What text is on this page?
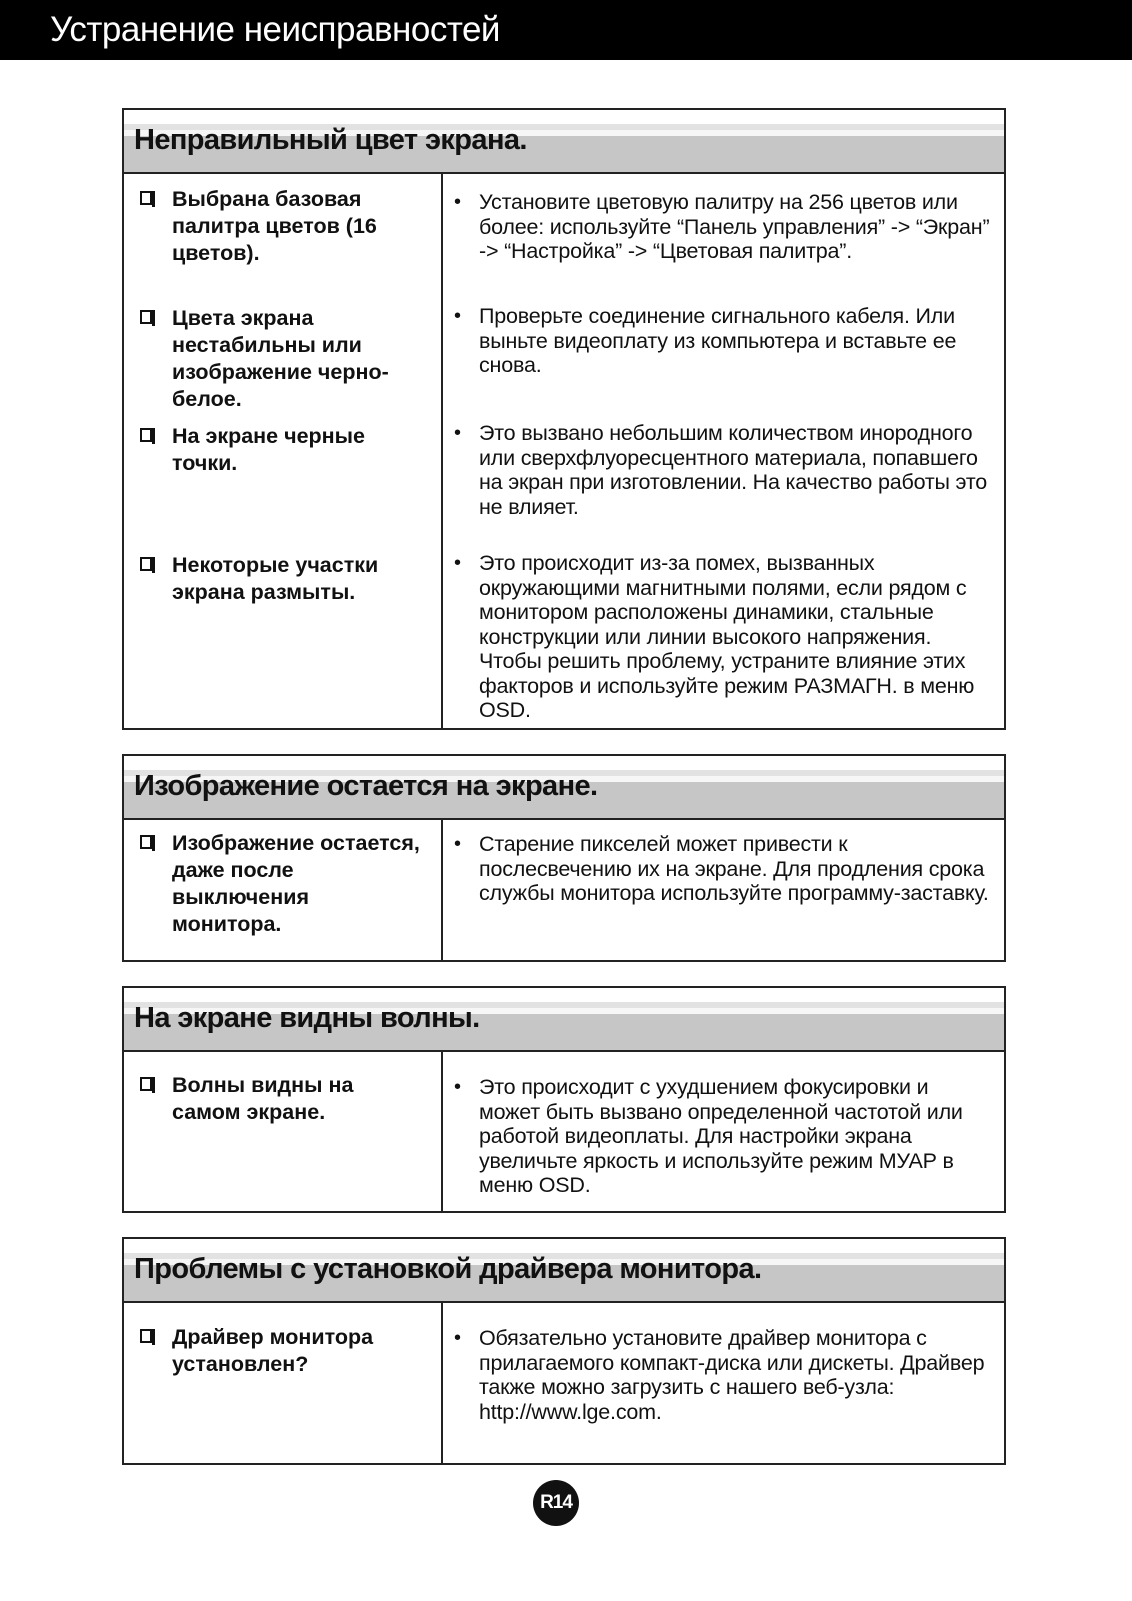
Устранение неисправностей
Неправильный цвет экрана.
Выбрана базовая палитра цветов (16 цветов).
• Установите цветовую палитру на 256 цветов или более: используйте “Панель управления” -> “Экран” -> “Настройка” -> “Цветовая палитра”.
Цвета экрана нестабильны или изображение черно-белое.
• Проверьте соединение сигнального кабеля. Или выньте видеоплату из компьютера и вставьте ее снова.
На экране черные точки.
• Это вызвано небольшим количеством инородного или сверхфлуоресцентного материала, попавшего на экран при изготовлении. На качество работы это не влияет.
Некоторые участки экрана размыты.
• Это происходит из-за помех, вызванных окружающими магнитными полями, если рядом с монитором расположены динамики, стальные конструкции или линии высокого напряжения. Чтобы решить проблему, устраните влияние этих факторов и используйте режим РАЗМАГН. в меню OSD.
Изображение остается на экране.
Изображение остается, даже после выключения монитора.
• Старение пикселей может привести к послесвечению их на экране. Для продления срока службы монитора используйте программу-заставку.
На экране видны волны.
Волны видны на самом экране.
• Это происходит с ухудшением фокусировки и может быть вызвано определенной частотой или работой видеоплаты. Для настройки экрана увеличьте яркость и используйте режим МУАР в меню OSD.
Проблемы с установкой драйвера монитора.
Драйвер монитора установлен?
• Обязательно установите драйвер монитора с прилагаемого компакт-диска или дискеты. Драйвер также можно загрузить с нашего веб-узла: http://www.lge.com.
R14
